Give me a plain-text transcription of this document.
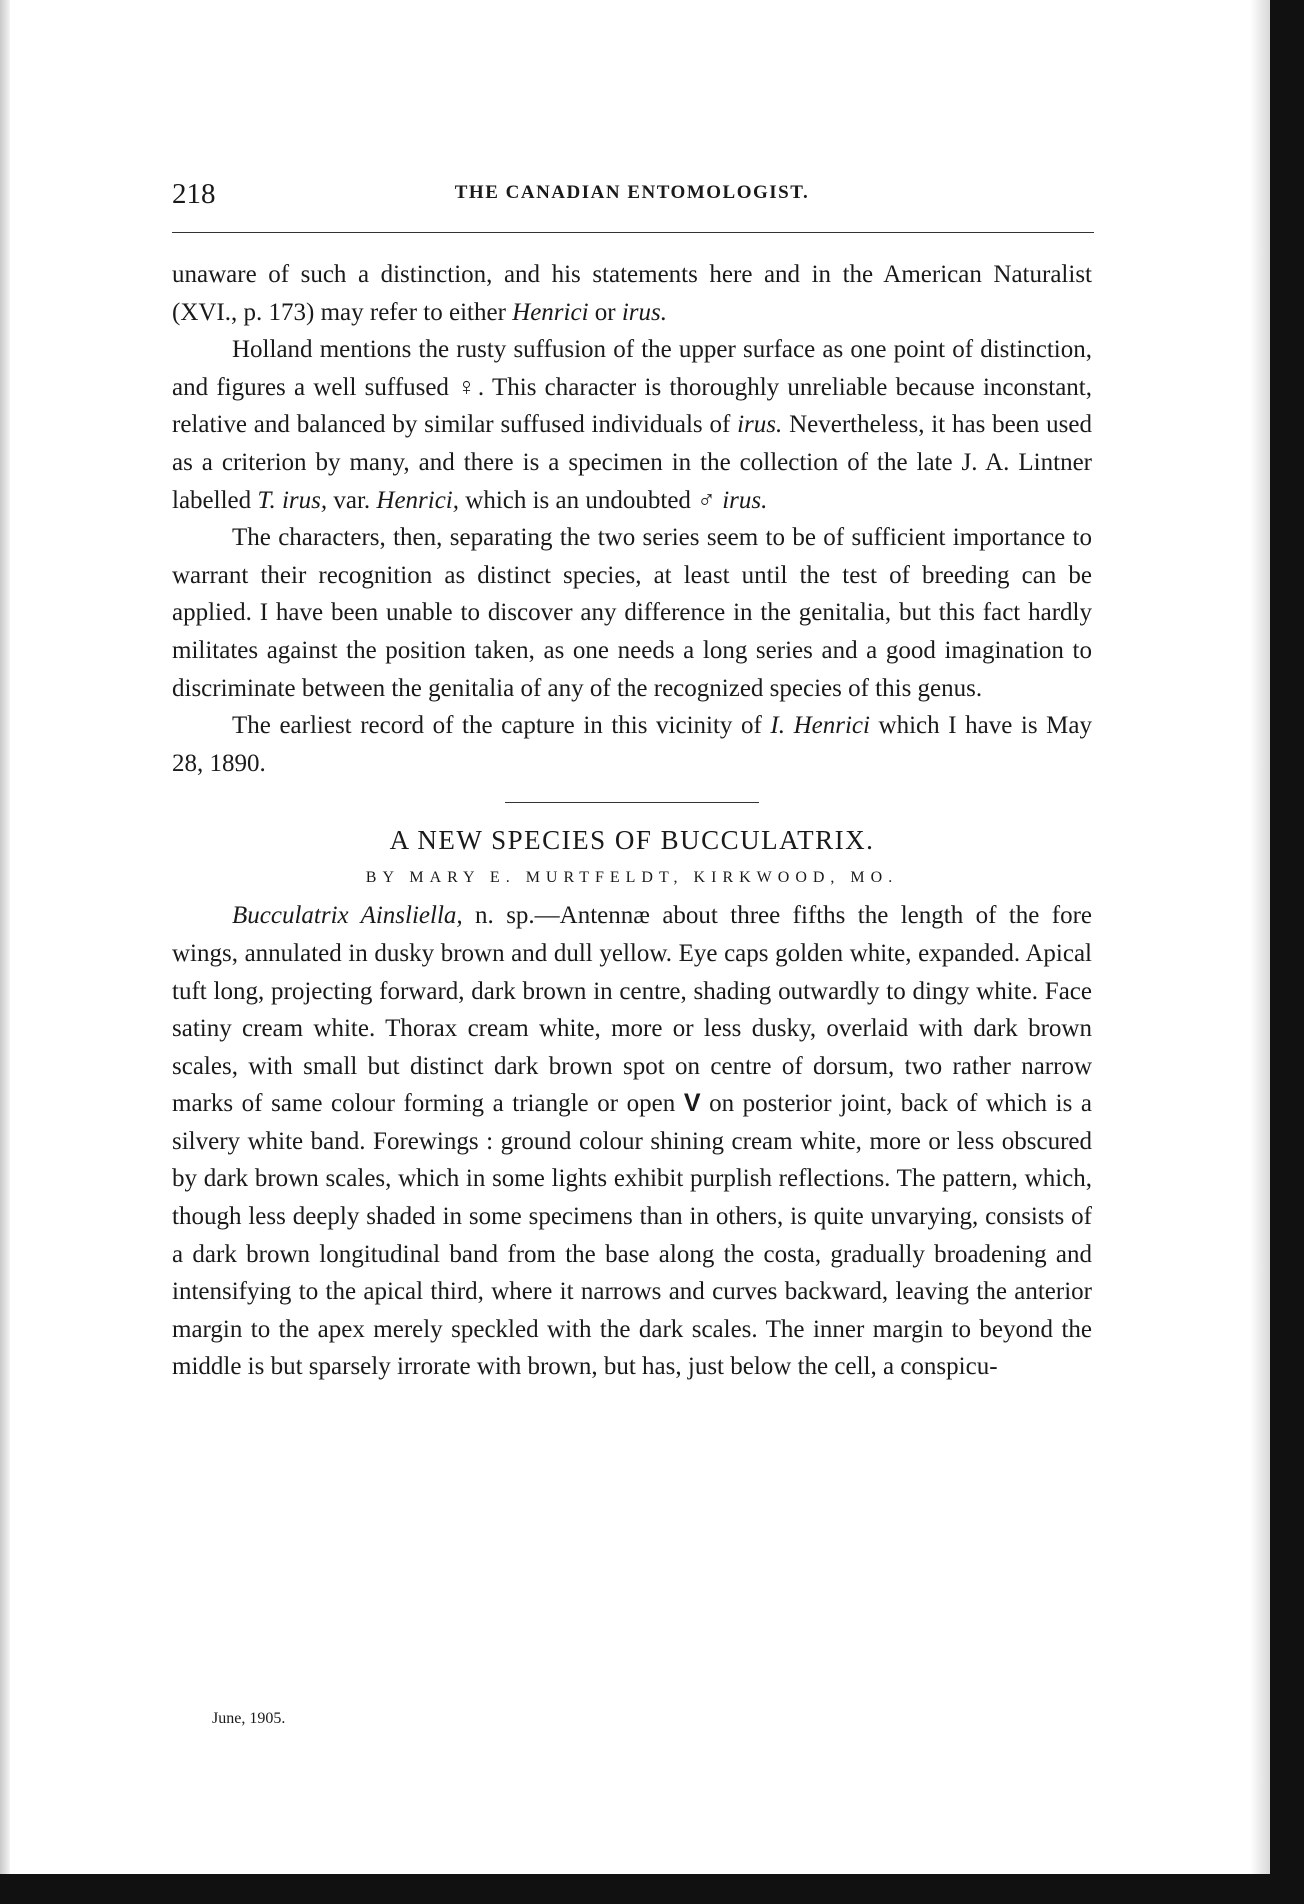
218	THE CANADIAN ENTOMOLOGIST.

unaware of such a distinction, and his statements here and in the American Naturalist (XVI., p. 173) may refer to either Henrici or irus.

Holland mentions the rusty suffusion of the upper surface as one point of distinction, and figures a well suffused ♀. This character is thoroughly unreliable because inconstant, relative and balanced by similar suffused individuals of irus. Nevertheless, it has been used as a criterion by many, and there is a specimen in the collection of the late J. A. Lintner labelled T. irus, var. Henrici, which is an undoubted ♂ irus.

The characters, then, separating the two series seem to be of sufficient importance to warrant their recognition as distinct species, at least until the test of breeding can be applied. I have been unable to discover any difference in the genitalia, but this fact hardly militates against the position taken, as one needs a long series and a good imagination to discriminate between the genitalia of any of the recognized species of this genus.

The earliest record of the capture in this vicinity of I. Henrici which I have is May 28, 1890.

A NEW SPECIES OF BUCCULATRIX.
BY MARY E. MURTFELDT, KIRKWOOD, MO.

Bucculatrix Ainsliella, n. sp.—Antennæ about three fifths the length of the fore wings, annulated in dusky brown and dull yellow. Eye caps golden white, expanded. Apical tuft long, projecting forward, dark brown in centre, shading outwardly to dingy white. Face satiny cream white. Thorax cream white, more or less dusky, overlaid with dark brown scales, with small but distinct dark brown spot on centre of dorsum, two rather narrow marks of same colour forming a triangle or open V on posterior joint, back of which is a silvery white band. Forewings : ground colour shining cream white, more or less obscured by dark brown scales, which in some lights exhibit purplish reflections. The pattern, which, though less deeply shaded in some specimens than in others, is quite unvarying, consists of a dark brown longitudinal band from the base along the costa, gradually broadening and intensifying to the apical third, where it narrows and curves backward, leaving the anterior margin to the apex merely speckled with the dark scales. The inner margin to beyond the middle is but sparsely irrorate with brown, but has, just below the cell, a conspicu-

June, 1905.
